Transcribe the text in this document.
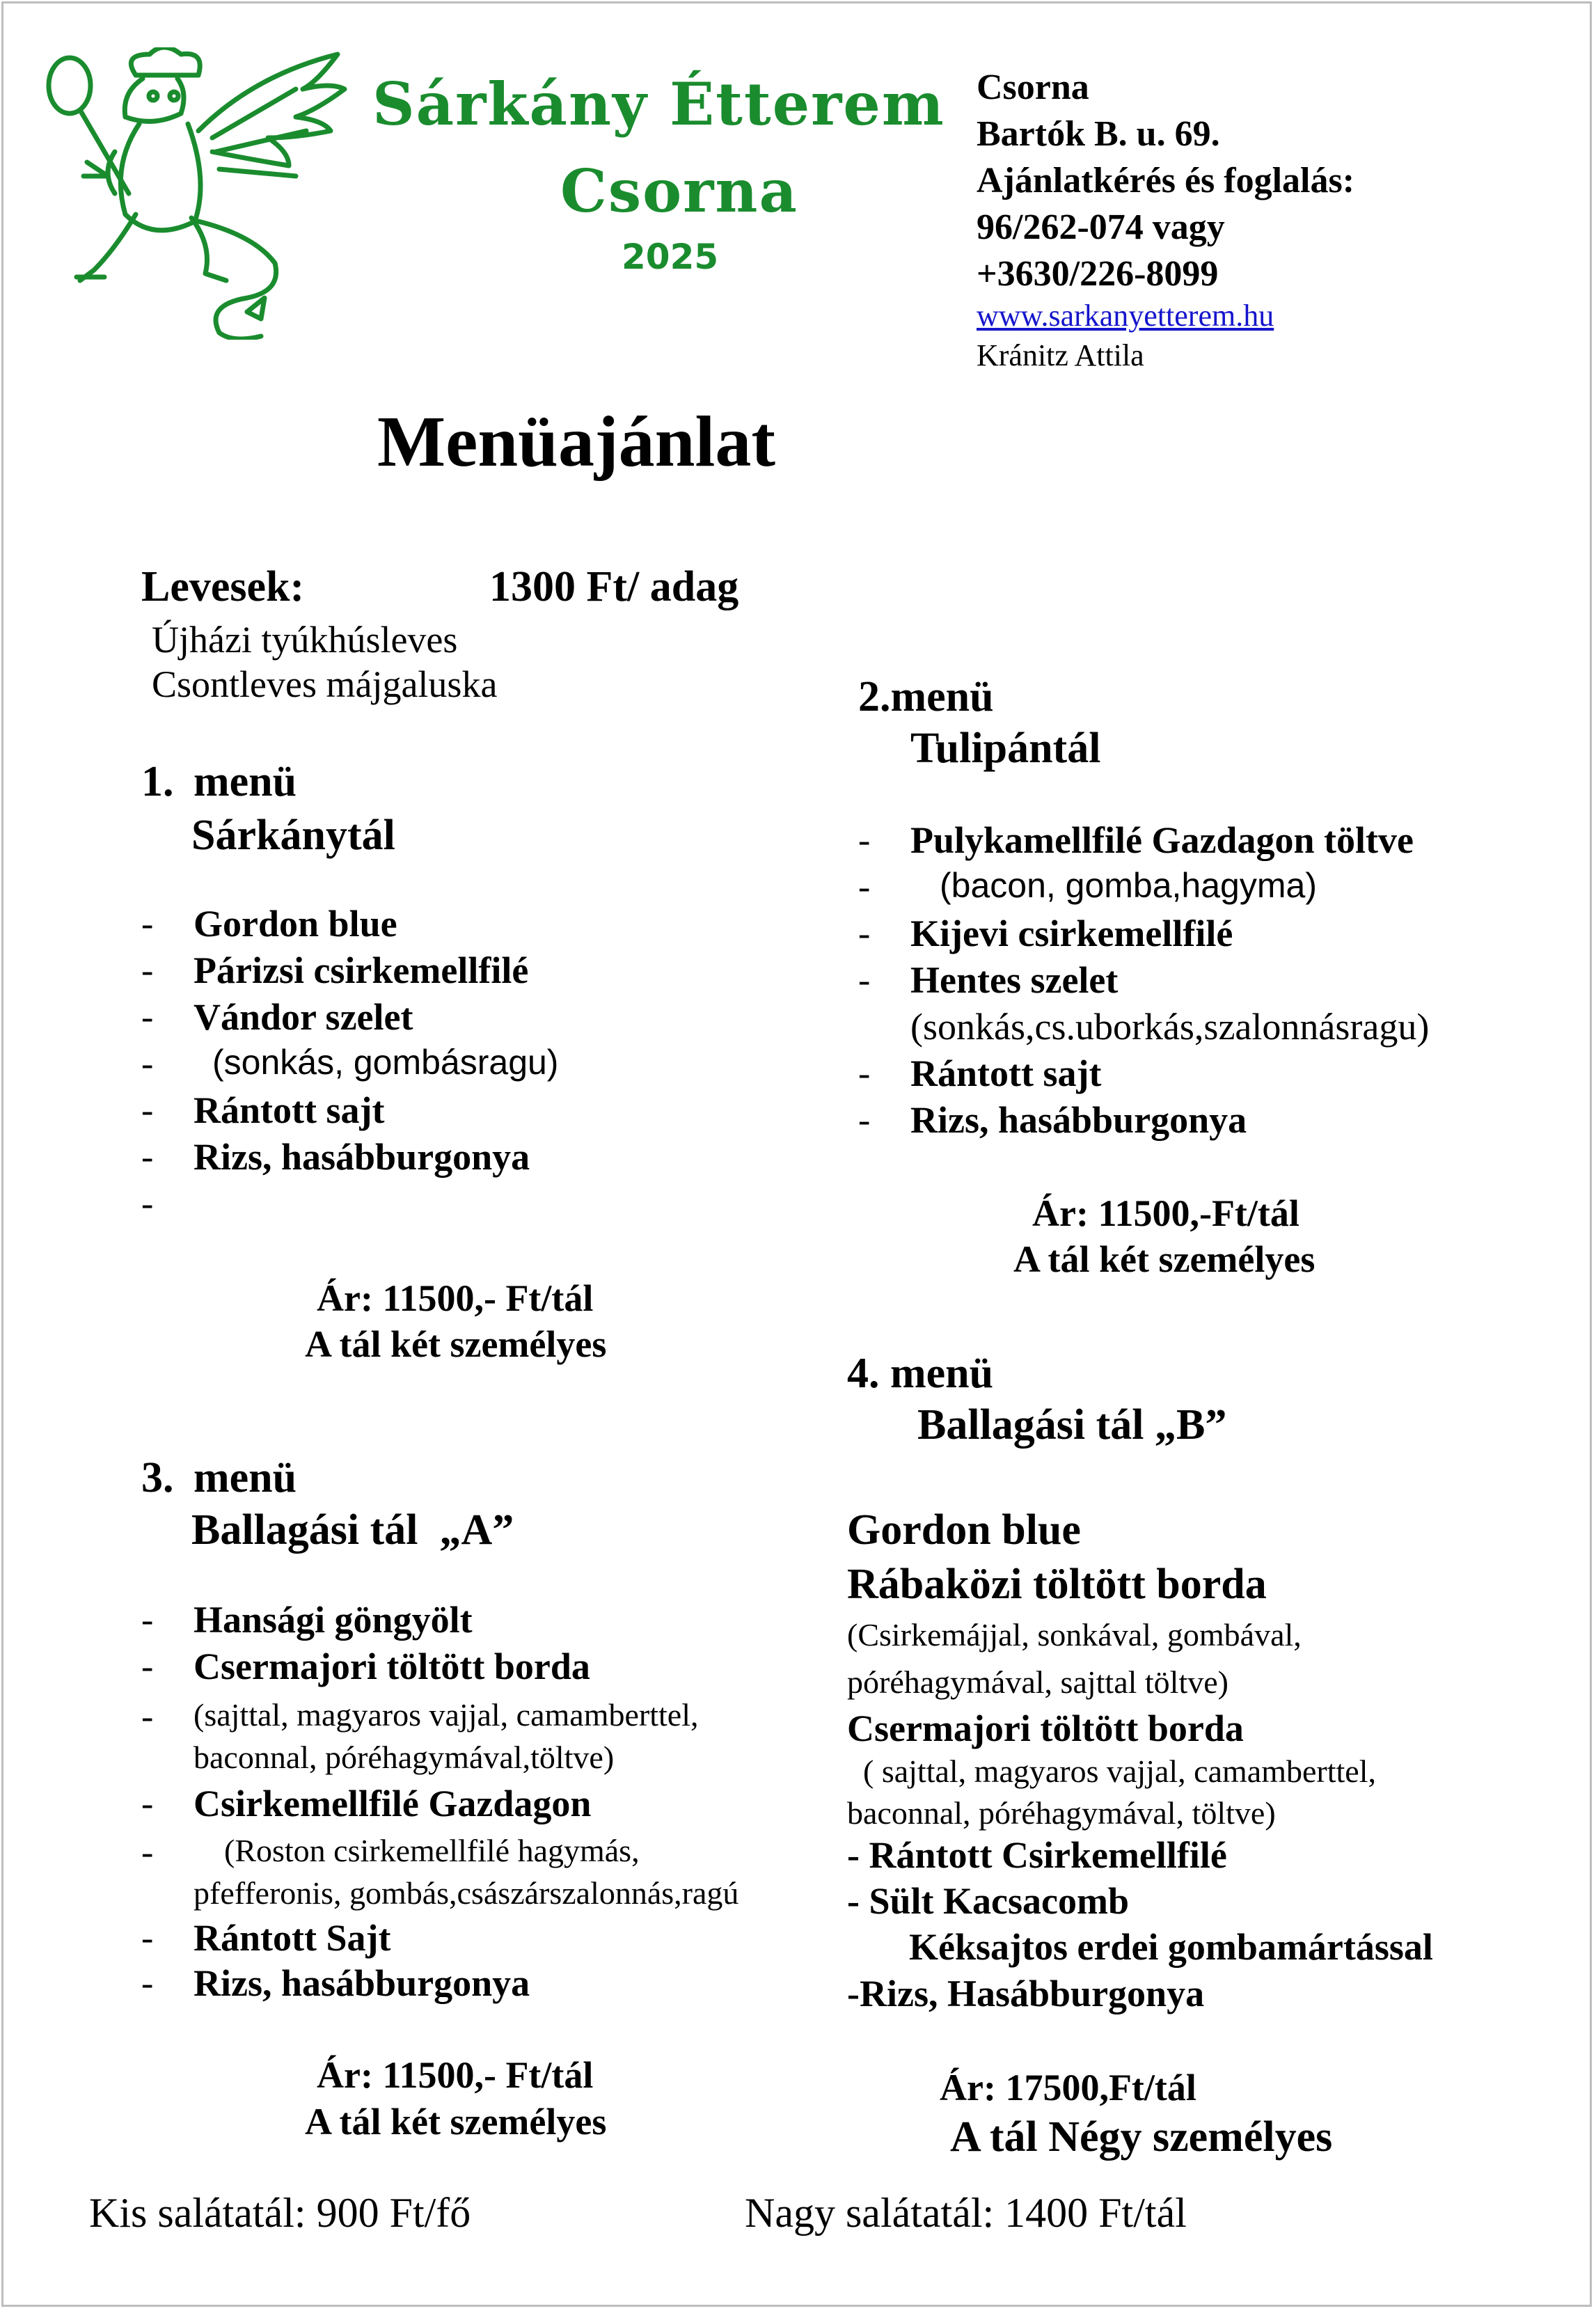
Sárkány Étterem
Csorna
2025
Csorna
Bartók B. u. 69.
Ajánlatkérés és foglalás:
96/262-074 vagy
+3630/226-8099
www.sarkanyetterem.hu
Kránitz Attila
Menüajánlat
Levesek:	1300 Ft/ adag
Újházi tyúkhúsleves
Csontleves májgaluska
1. menü
Sárkánytál
- Gordon blue
- Párizsi csirkemellfilé
- Vándor szelet
- (sonkás, gombásragu)
- Rántott sajt
- Rizs, hasábburgonya
-
Ár: 11500,- Ft/tál
A tál két személyes
2.menü
Tulipántál
- Pulykamellfilé Gazdagon töltve
- (bacon, gomba,hagyma)
- Kijevi csirkemellfilé
- Hentes szelet
(sonkás,cs.uborkás,szalonnásragu)
- Rántott sajt
- Rizs, hasábburgonya
Ár: 11500,-Ft/tál
A tál két személyes
3. menü
Ballagási tál  „A”
- Hansági göngyölt
- Csermajori töltött borda
- (sajttal, magyaros vajjal, camamberttel,
baconnal, póréhagymával,töltve)
- Csirkemellfilé Gazdagon
- (Roston csirkemellfilé hagymás,
pfefferonis, gombás,császárszalonnás,ragú
- Rántott Sajt
- Rizs, hasábburgonya
Ár: 11500,- Ft/tál
A tál két személyes
4. menü
Ballagási tál „B”
Gordon blue
Rábaközi töltött borda
(Csirkemájjal, sonkával, gombával,
póréhagymával, sajttal töltve)
Csermajori töltött borda
( sajttal, magyaros vajjal, camamberttel,
baconnal, póréhagymával, töltve)
- Rántott Csirkemellfilé
- Sült Kacsacomb
Kéksajtos erdei gombamártással
-Rizs, Hasábburgonya
Ár: 17500,Ft/tál
A tál Négy személyes
Kis salátatál: 900 Ft/fő	Nagy salátatál: 1400 Ft/tál
